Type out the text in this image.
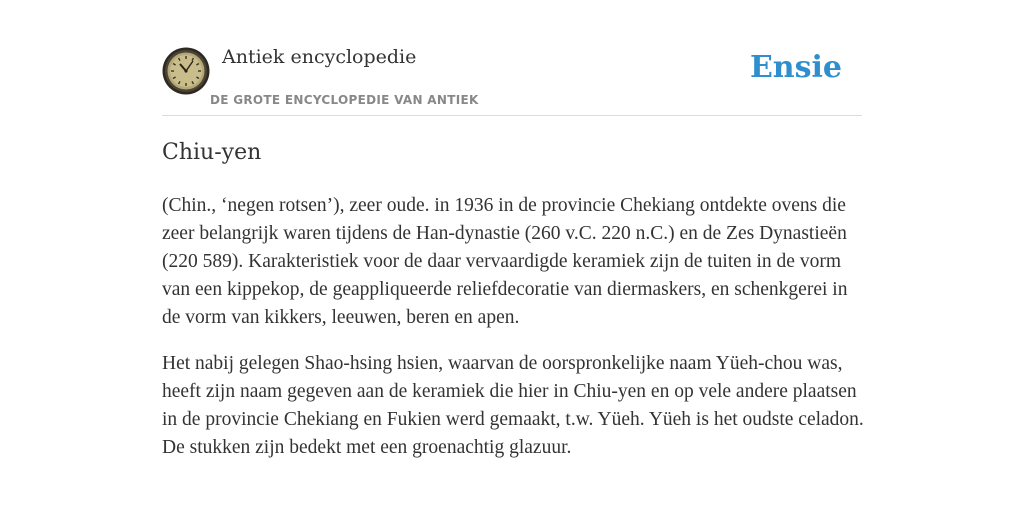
Antiek encyclopedie
DE GROTE ENCYCLOPEDIE VAN ANTIEK
Ensie
Chiu-yen

(Chin., ‘negen rotsen’), zeer oude. in 1936 in de provincie Chekiang ontdekte ovens die zeer belangrijk waren tijdens de Han-dynastie (260 v.C. 220 n.C.) en de Zes Dynastieën (220 589). Karakteristiek voor de daar vervaardigde keramiek zijn de tuiten in de vorm van een kippekop, de geappliqueerde reliefdecoratie van diermaskers, en schenkgerei in de vorm van kikkers, leeuwen, beren en apen.

Het nabij gelegen Shao-hsing hsien, waarvan de oorspronkelijke naam Yüeh-chou was, heeft zijn naam gegeven aan de keramiek die hier in Chiu-yen en op vele andere plaatsen in de provincie Chekiang en Fukien werd gemaakt, t.w. Yüeh. Yüeh is het oudste celadon. De stukken zijn bedekt met een groenachtig glazuur.
